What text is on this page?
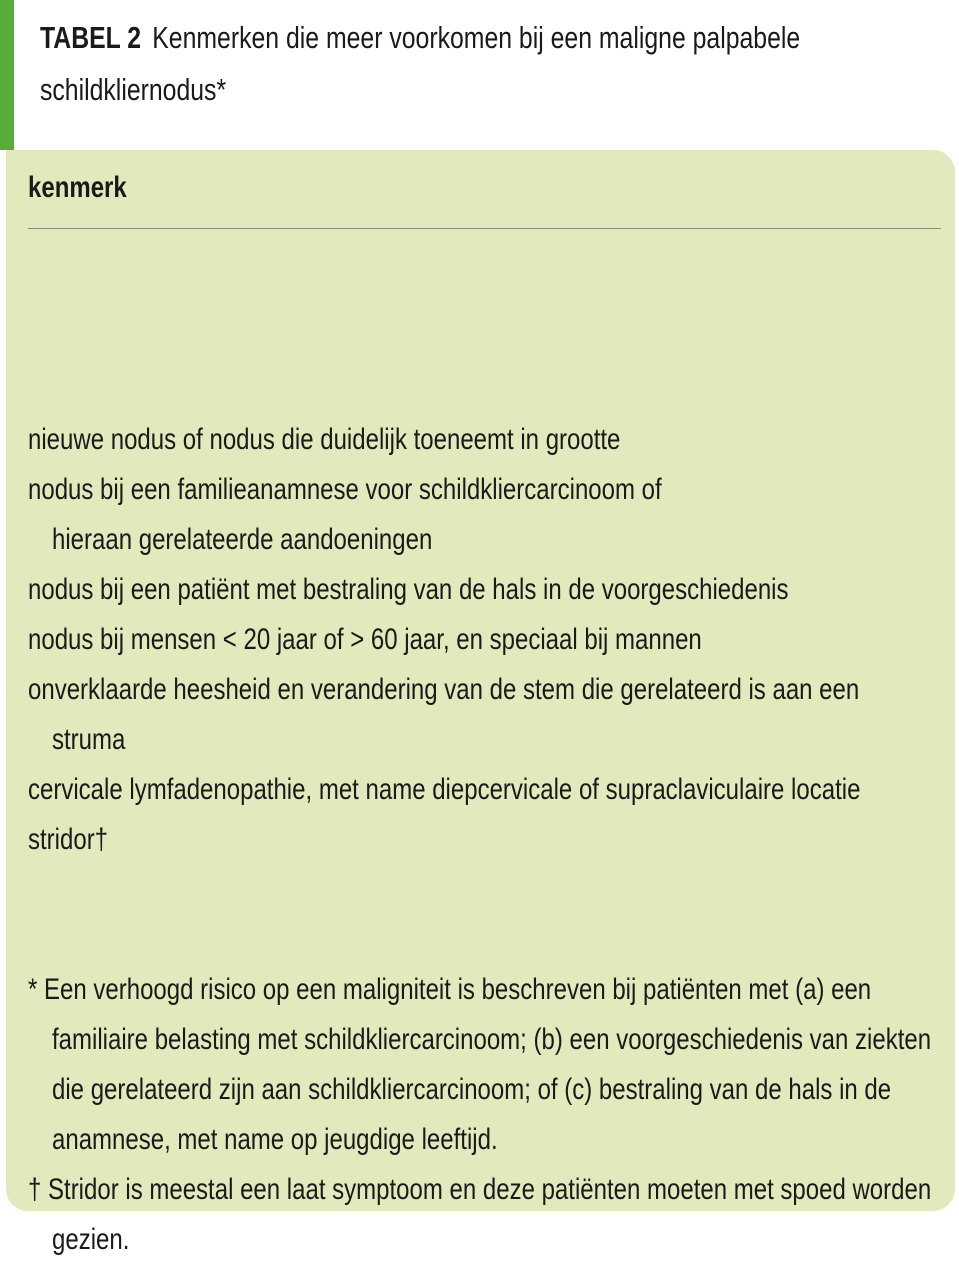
TABEL 2 Kenmerken die meer voorkomen bij een maligne palpabele schildkliernodus*
kenmerk
nieuwe nodus of nodus die duidelijk toeneemt in grootte
nodus bij een familieanamnese voor schildkliercarcinoom of hieraan gerelateerde aandoeningen
nodus bij een patiënt met bestraling van de hals in de voorgeschiedenis
nodus bij mensen < 20 jaar of > 60 jaar, en speciaal bij mannen
onverklaarde heesheid en verandering van de stem die gerelateerd is aan een struma
cervicale lymfadenopathie, met name diepcervicale of supraclaviculaire locatie
stridor†
* Een verhoogd risico op een maligniteit is beschreven bij patiënten met (a) een familiaire belasting met schildkliercarcinoom; (b) een voorgeschiedenis van ziekten die gerelateerd zijn aan schildkliercarcinoom; of (c) bestraling van de hals in de anamnese, met name op jeugdige leeftijd.
† Stridor is meestal een laat symptoom en deze patiënten moeten met spoed worden gezien.
